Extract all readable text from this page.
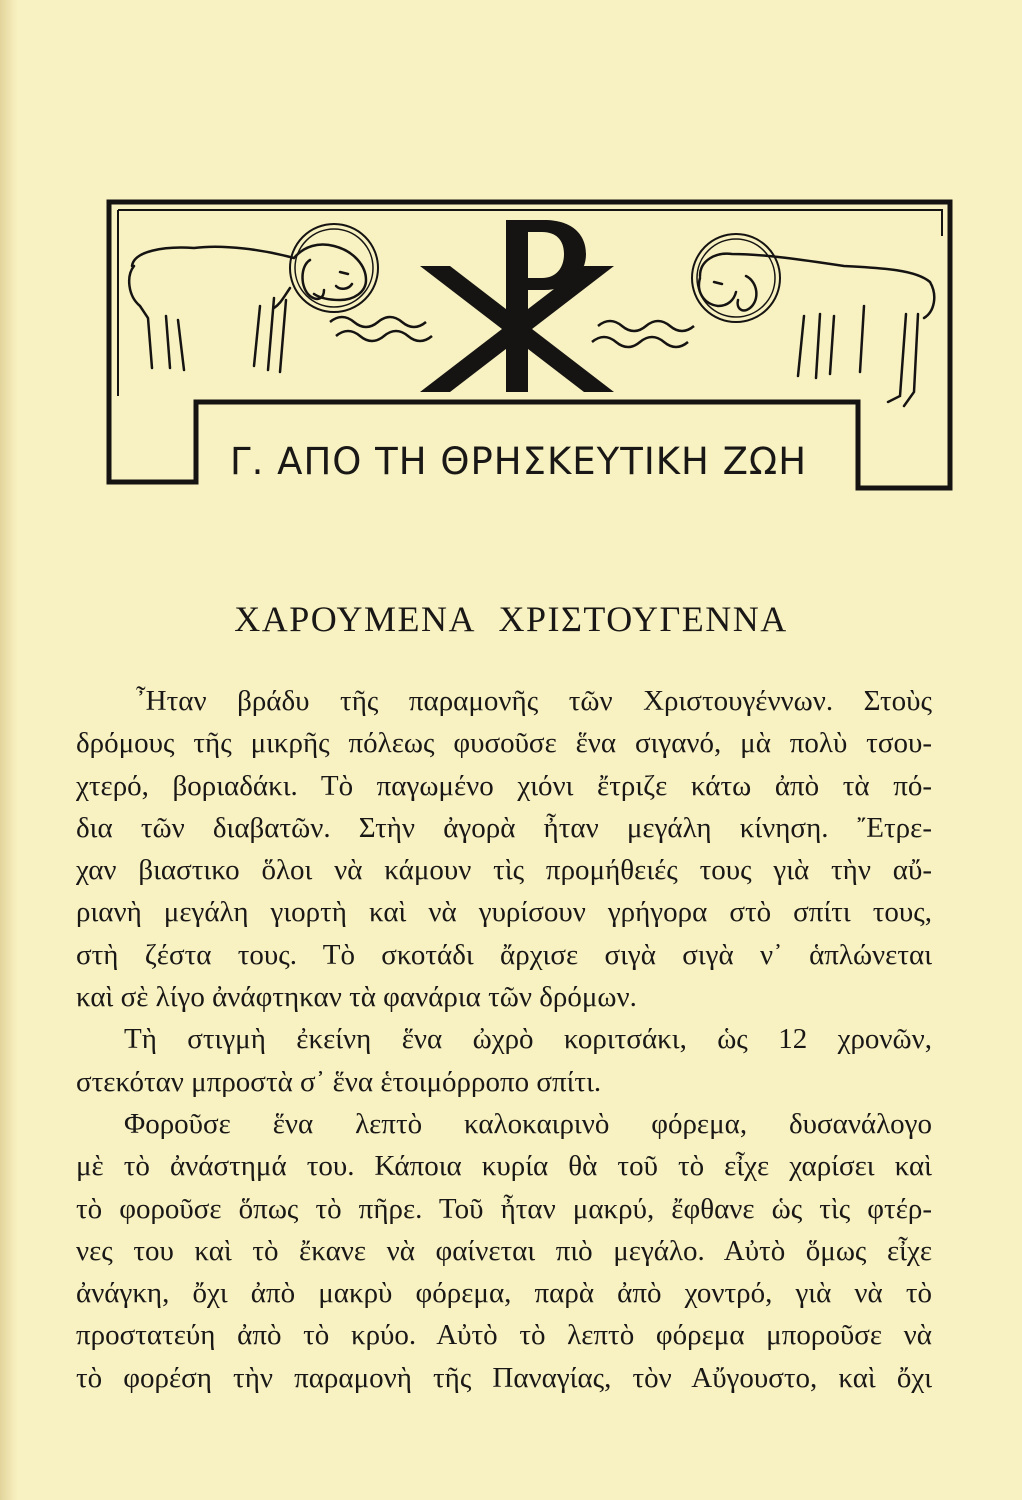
Γ. ΑΠΟ ΤΗ ΘΡΗΣΚΕΥΤΙΚΗ ΖΩΗ
ΧΑΡΟΥΜΕΝΑ ΧΡΙΣΤΟΥΓΕΝΝΑ
῏Ηταν βράδυ τῆς παραμονῆς τῶν Χριστουγέννων. Στοὺς
δρόμους τῆς μικρῆς πόλεως φυσοῦσε ἕνα σιγανό, μὰ πολὺ τσου-
χτερό, βοριαδάκι. Τὸ παγωμένο χιόνι ἔτριζε κάτω ἀπὸ τὰ πό-
δια τῶν διαβατῶν. Στὴν ἀγορὰ ἦταν μεγάλη κίνηση. ῎Ετρε-
χαν βιαστικο ὅλοι νὰ κάμουν τὶς προμήθειές τους γιὰ τὴν αὔ-
ριανὴ μεγάλη γιορτὴ καὶ νὰ γυρίσουν γρήγορα στὸ σπίτι τους,
στὴ ζέστα τους. Τὸ σκοτάδι ἄρχισε σιγὰ σιγὰ ν᾽ ἁπλώνεται
καὶ σὲ λίγο ἀνάφτηκαν τὰ φανάρια τῶν δρόμων.
Τὴ στιγμὴ ἐκείνη ἕνα ὠχρὸ κοριτσάκι, ὡς 12 χρονῶν,
στεκόταν μπροστὰ σ᾽ ἕνα ἑτοιμόρροπο σπίτι.
Φοροῦσε ἕνα λεπτὸ καλοκαιρινὸ φόρεμα, δυσανάλογο
μὲ τὸ ἀνάστημά του. Κάποια κυρία θὰ τοῦ τὸ εἶχε χαρίσει καὶ
τὸ φοροῦσε ὅπως τὸ πῆρε. Τοῦ ἦταν μακρύ, ἔφθανε ὡς τὶς φτέρ-
νες του καὶ τὸ ἔκανε νὰ φαίνεται πιὸ μεγάλο. Αὐτὸ ὅμως εἶχε
ἀνάγκη, ὄχι ἀπὸ μακρὺ φόρεμα, παρὰ ἀπὸ χοντρό, γιὰ νὰ τὸ
προστατεύη ἀπὸ τὸ κρύο. Αὐτὸ τὸ λεπτὸ φόρεμα μποροῦσε νὰ
τὸ φορέση τὴν παραμονὴ τῆς Παναγίας, τὸν Αὔγουστο, καὶ ὄχι
